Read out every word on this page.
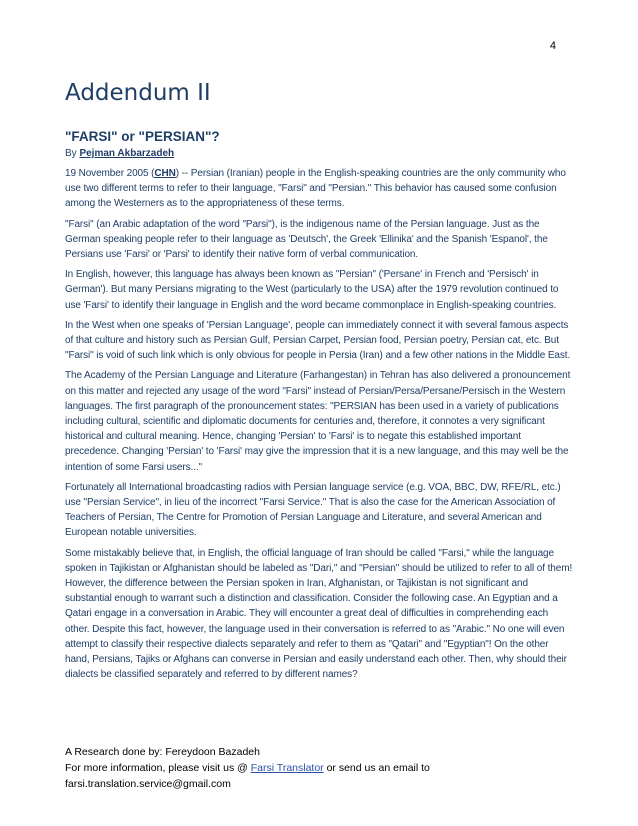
4
Addendum II
"FARSI" or "PERSIAN"?
By Pejman Akbarzadeh

19 November 2005 (CHN) -- Persian (Iranian) people in the English-speaking countries are the only community who use two different terms to refer to their language, "Farsi" and "Persian." This behavior has caused some confusion among the Westerners as to the appropriateness of these terms.

"Farsi" (an Arabic adaptation of the word "Parsi"), is the indigenous name of the Persian language. Just as the German speaking people refer to their language as 'Deutsch', the Greek 'Ellinika' and the Spanish 'Espanol', the Persians use 'Farsi' or 'Parsi' to identify their native form of verbal communication.

In English, however, this language has always been known as "Persian" ('Persane' in French and 'Persisch' in German'). But many Persians migrating to the West (particularly to the USA) after the 1979 revolution continued to use 'Farsi' to identify their language in English and the word became commonplace in English-speaking countries.

In the West when one speaks of 'Persian Language', people can immediately connect it with several famous aspects of that culture and history such as Persian Gulf, Persian Carpet, Persian food, Persian poetry, Persian cat, etc. But "Farsi" is void of such link which is only obvious for people in Persia (Iran) and a few other nations in the Middle East.

The Academy of the Persian Language and Literature (Farhangestan) in Tehran has also delivered a pronouncement on this matter and rejected any usage of the word "Farsi" instead of Persian/Persa/Persane/Persisch in the Western languages. The first paragraph of the pronouncement states: "PERSIAN has been used in a variety of publications including cultural, scientific and diplomatic documents for centuries and, therefore, it connotes a very significant historical and cultural meaning. Hence, changing 'Persian' to 'Farsi' is to negate this established important precedence. Changing 'Persian' to 'Farsi' may give the impression that it is a new language, and this may well be the intention of some Farsi users..."

Fortunately all International broadcasting radios with Persian language service (e.g. VOA, BBC, DW, RFE/RL, etc.) use "Persian Service", in lieu of the incorrect "Farsi Service." That is also the case for the American Association of Teachers of Persian, The Centre for Promotion of Persian Language and Literature, and several American and European notable universities.

Some mistakably believe that, in English, the official language of Iran should be called "Farsi," while the language spoken in Tajikistan or Afghanistan should be labeled as "Dari," and "Persian" should be utilized to refer to all of them! However, the difference between the Persian spoken in Iran, Afghanistan, or Tajikistan is not significant and substantial enough to warrant such a distinction and classification. Consider the following case. An Egyptian and a Qatari engage in a conversation in Arabic. They will encounter a great deal of difficulties in comprehending each other. Despite this fact, however, the language used in their conversation is referred to as "Arabic." No one will even attempt to classify their respective dialects separately and refer to them as "Qatari" and "Egyptian"! On the other hand, Persians, Tajiks or Afghans can converse in Persian and easily understand each other. Then, why should their dialects be classified separately and referred to by different names?

A Research done by: Fereydoon Bazadeh
For more information, please visit us @ Farsi Translator or send us an email to
farsi.translation.service@gmail.com
